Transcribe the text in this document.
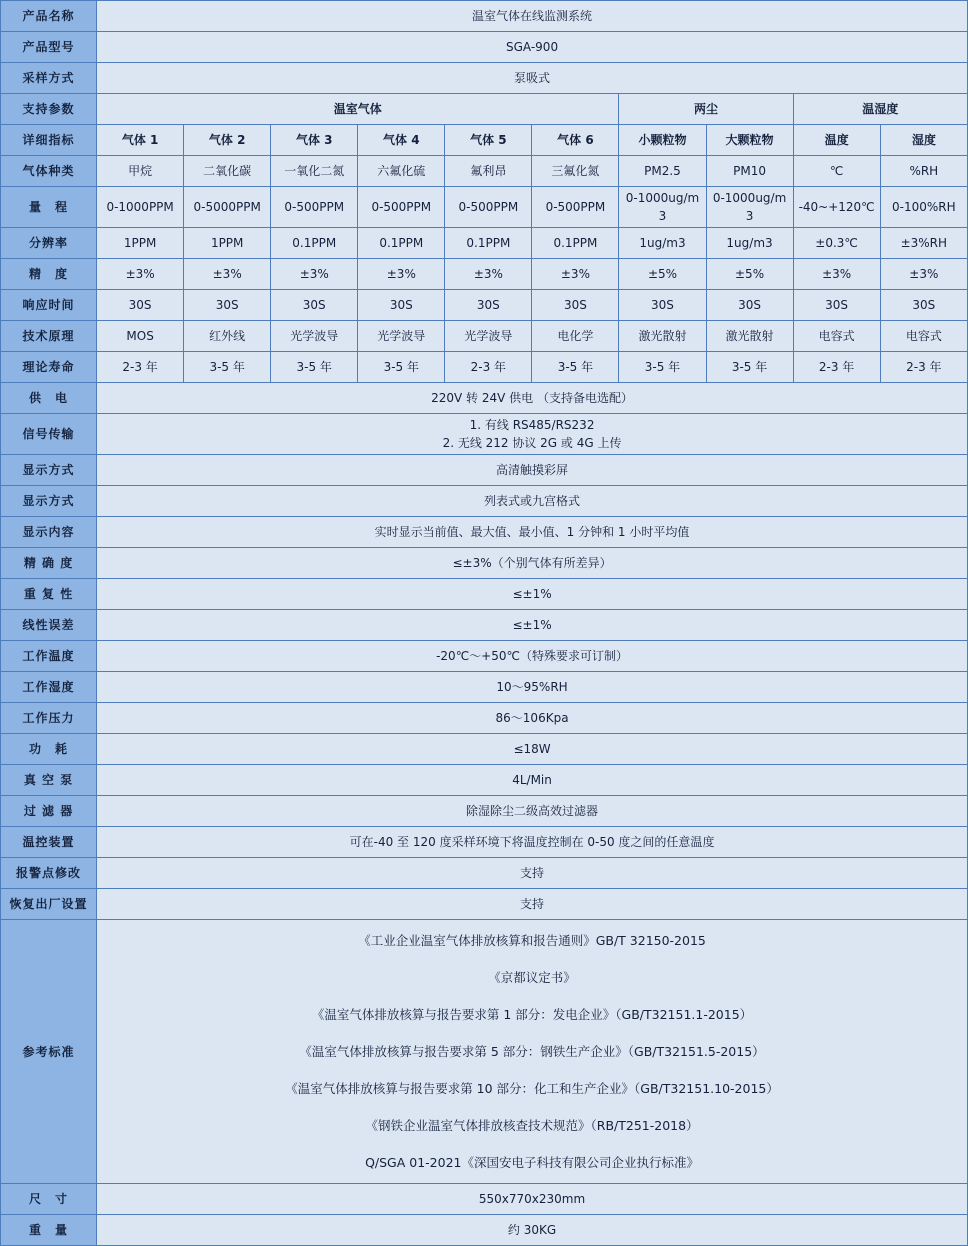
产品名称	温室气体在线监测系统									
产品型号	SGA-900									
采样方式	泵吸式									
支持参数	温室气体						两尘		温湿度	
详细指标	气体 1	气体 2	气体 3	气体 4	气体 5	气体 6	小颗粒物	大颗粒物	温度	湿度
气体种类	甲烷	二氧化碳	一氧化二氮	六氟化硫	氟利昂	三氟化氮	PM2.5	PM10	℃	%RH
量　程	0-1000PPM	0-5000PPM	0-500PPM	0-500PPM	0-500PPM	0-500PPM	0-1000ug/m3	0-1000ug/m3	-40~+120℃	0-100%RH
分辨率	1PPM	1PPM	0.1PPM	0.1PPM	0.1PPM	0.1PPM	1ug/m3	1ug/m3	±0.3℃	±3%RH
精　度	±3%	±3%	±3%	±3%	±3%	±3%	±5%	±5%	±3%	±3%
响应时间	30S	30S	30S	30S	30S	30S	30S	30S	30S	30S
技术原理	MOS	红外线	光学波导	光学波导	光学波导	电化学	激光散射	激光散射	电容式	电容式
理论寿命	2-3 年	3-5 年	3-5 年	3-5 年	2-3 年	3-5 年	3-5 年	3-5 年	2-3 年	2-3 年
供　电	220V 转 24V 供电 （支持备电选配）									
信号传输	1. 有线 RS485/RS232
2. 无线 212 协议 2G 或 4G 上传									

显示方式	高清触摸彩屏									
显示方式	列表式或九宫格式									
显示内容	实时显示当前值、最大值、最小值、1 分钟和 1 小时平均值									
精 确 度	≤±3%（个别气体有所差异）									
重 复 性	≤±1%									
线性误差	≤±1%									
工作温度	-20℃～+50℃（特殊要求可订制）									
工作湿度	10～95%RH									
工作压力	86～106Kpa									
功　耗	≤18W									
真 空 泵	4L/Min									
过 滤 器	除湿除尘二级高效过滤器									
温控装置	可在-40 至 120 度采样环境下将温度控制在 0-50 度之间的任意温度									
报警点修改	支持									
恢复出厂设置	支持									
参考标准	
《工业企业温室气体排放核算和报告通则》GB/T 32150-2015
《京都议定书》
《温室气体排放核算与报告要求第 1 部分：发电企业》（GB/T32151.1-2015）
《温室气体排放核算与报告要求第 5 部分：钢铁生产企业》（GB/T32151.5-2015）
《温室气体排放核算与报告要求第 10 部分：化工和生产企业》（GB/T32151.10-2015）
《钢铁企业温室气体排放核查技术规范》（RB/T251-2018）
Q/SGA 01-2021《深国安电子科技有限公司企业执行标准》

尺　寸	550x770x230mm									
重　量	约 30KG									
